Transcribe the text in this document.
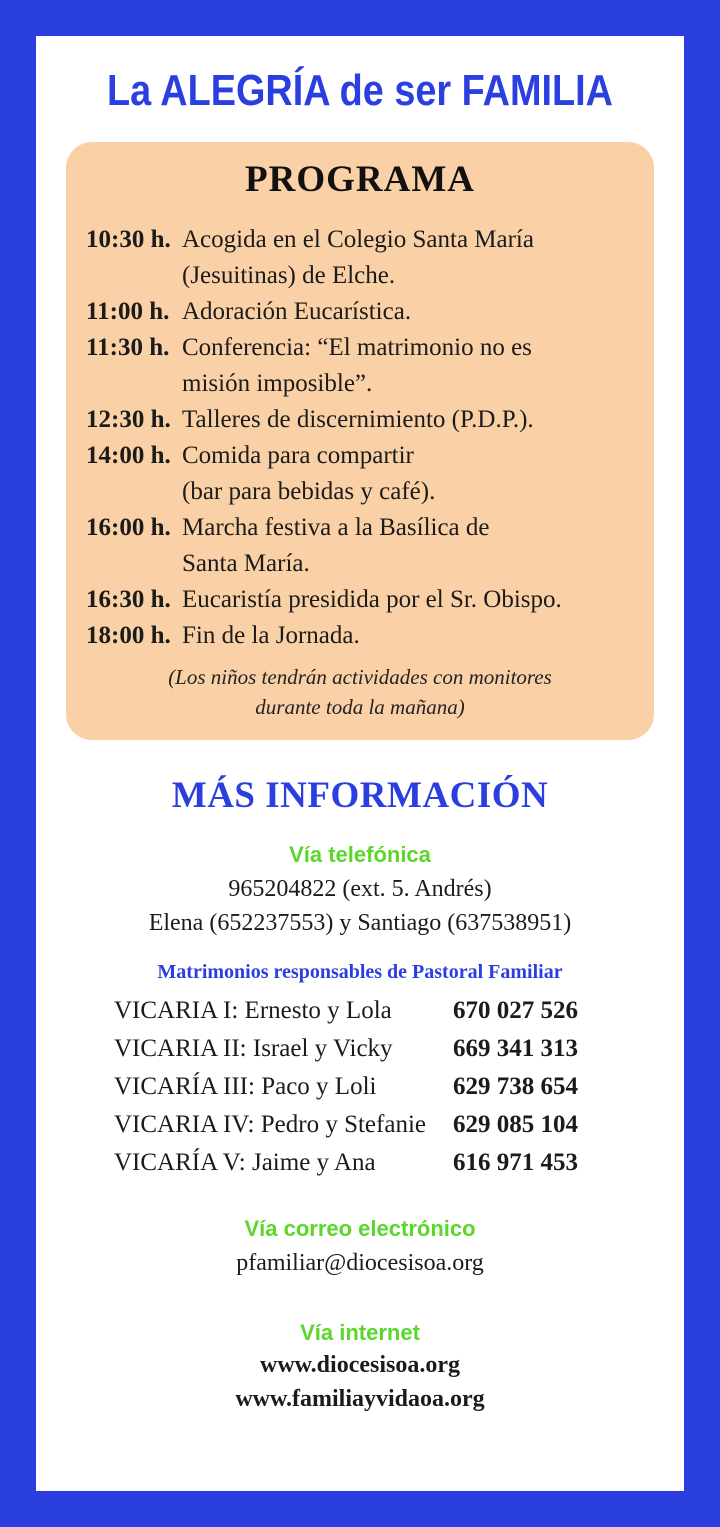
La ALEGRÍA de ser FAMILIA
PROGRAMA
10:30 h. Acogida en el Colegio Santa María
(Jesuitinas) de Elche.
11:00 h. Adoración Eucarística.
11:30 h. Conferencia: “El matrimonio no es
misión imposible”.
12:30 h. Talleres de discernimiento (P.D.P.).
14:00 h. Comida para compartir
(bar para bebidas y café).
16:00 h. Marcha festiva a la Basílica de
Santa María.
16:30 h. Eucaristía presidida por el Sr. Obispo.
18:00 h. Fin de la Jornada.
(Los niños tendrán actividades con monitores
durante toda la mañana)
MÁS INFORMACIÓN
Vía telefónica
965204822 (ext. 5. Andrés)
Elena (652237553) y Santiago (637538951)
Matrimonios responsables de Pastoral Familiar
VICARIA I: Ernesto y Lola	670 027 526
VICARIA II: Israel y Vicky	669 341 313
VICARÍA III: Paco y Loli	629 738 654
VICARIA IV: Pedro y Stefanie	629 085 104
VICARÍA V: Jaime y Ana	616 971 453
Vía correo electrónico
pfamiliar@diocesisoa.org
Vía internet
www.diocesisoa.org
www.familiayvidaoa.org
